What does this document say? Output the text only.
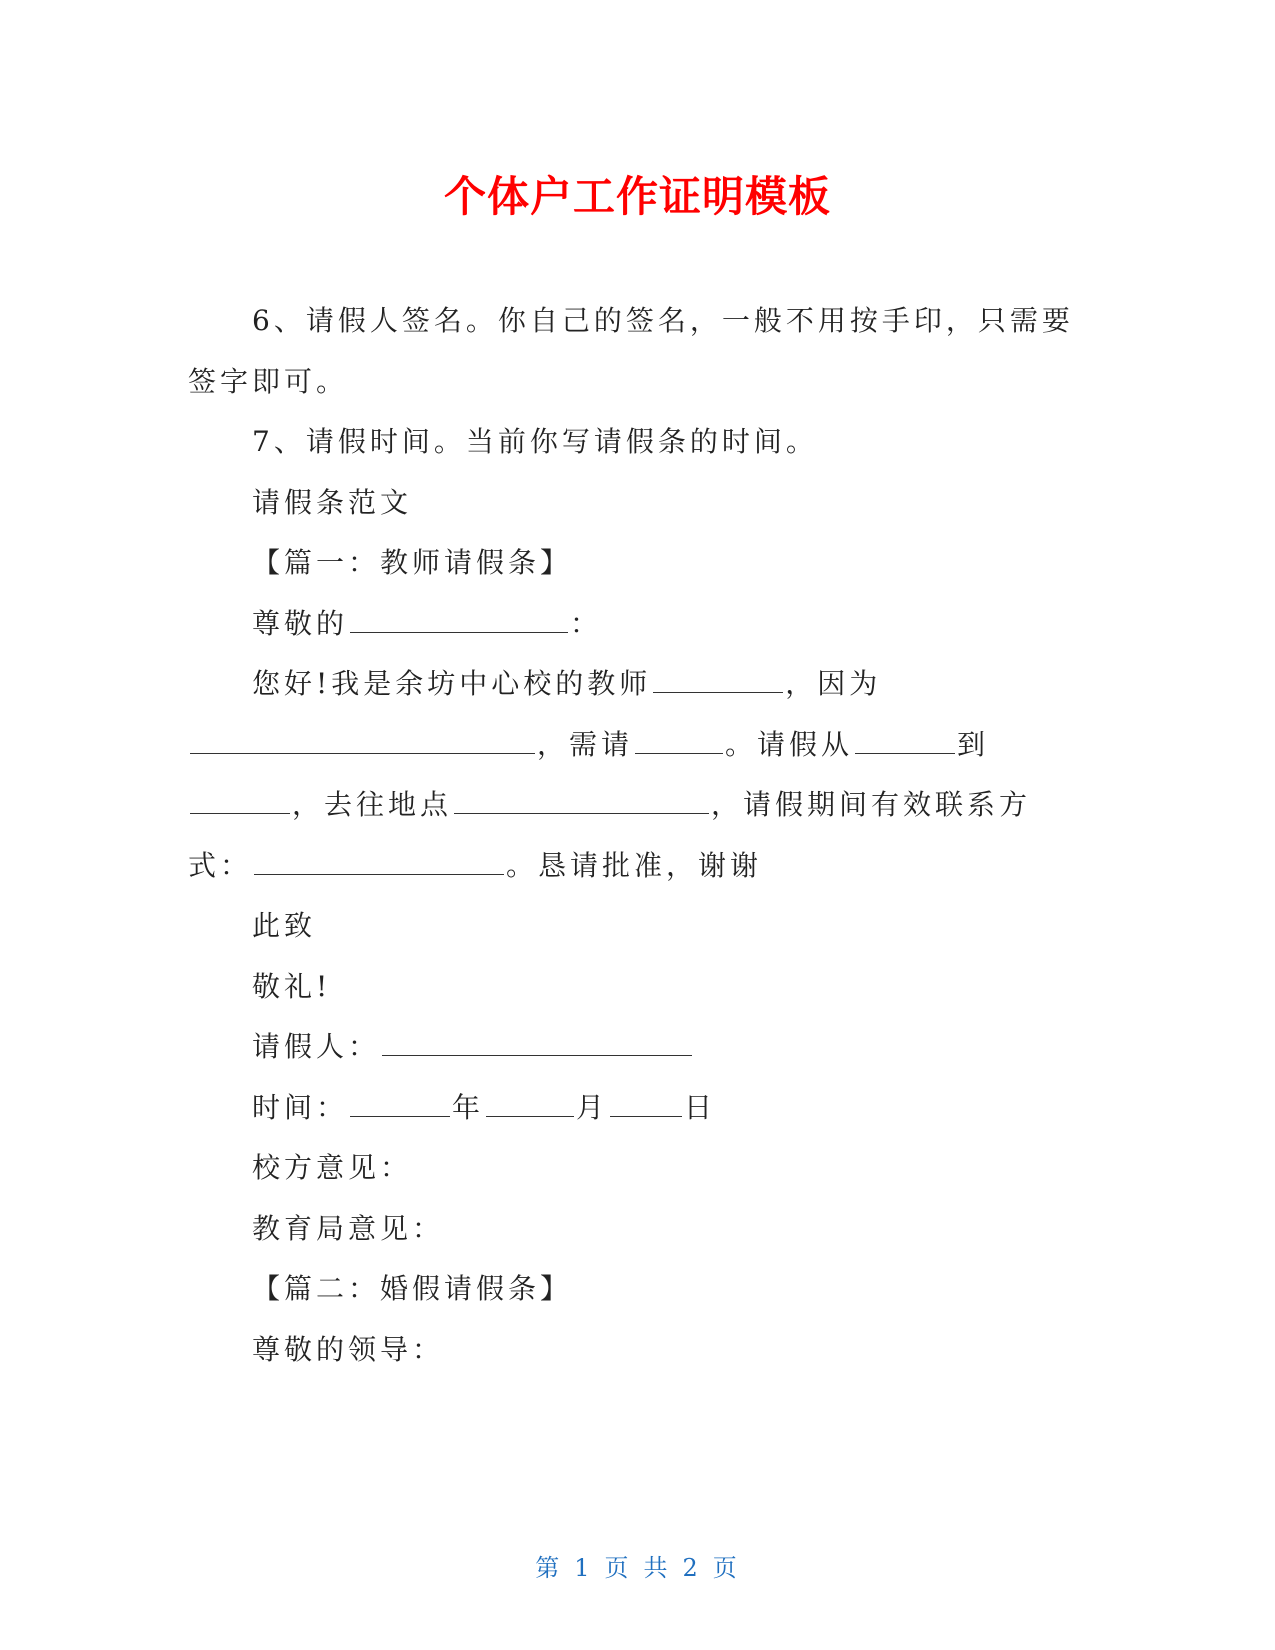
个体户工作证明模板

6、请假人签名。你自己的签名，一般不用按手印，只需要签字即可。

7、请假时间。当前你写请假条的时间。

请假条范文

【篇一：教师请假条】

尊敬的	：

您好!我是余坊中心校的教师	，因为，需请	。请假从	到，去往地点	，请假期间有效联系方式：	。恳请批准，谢谢

此致

敬礼!

请假人：

时间：	年	月	日

校方意见：

教育局意见：

【篇二：婚假请假条】

尊敬的领导：

第 1 页 共 2 页
